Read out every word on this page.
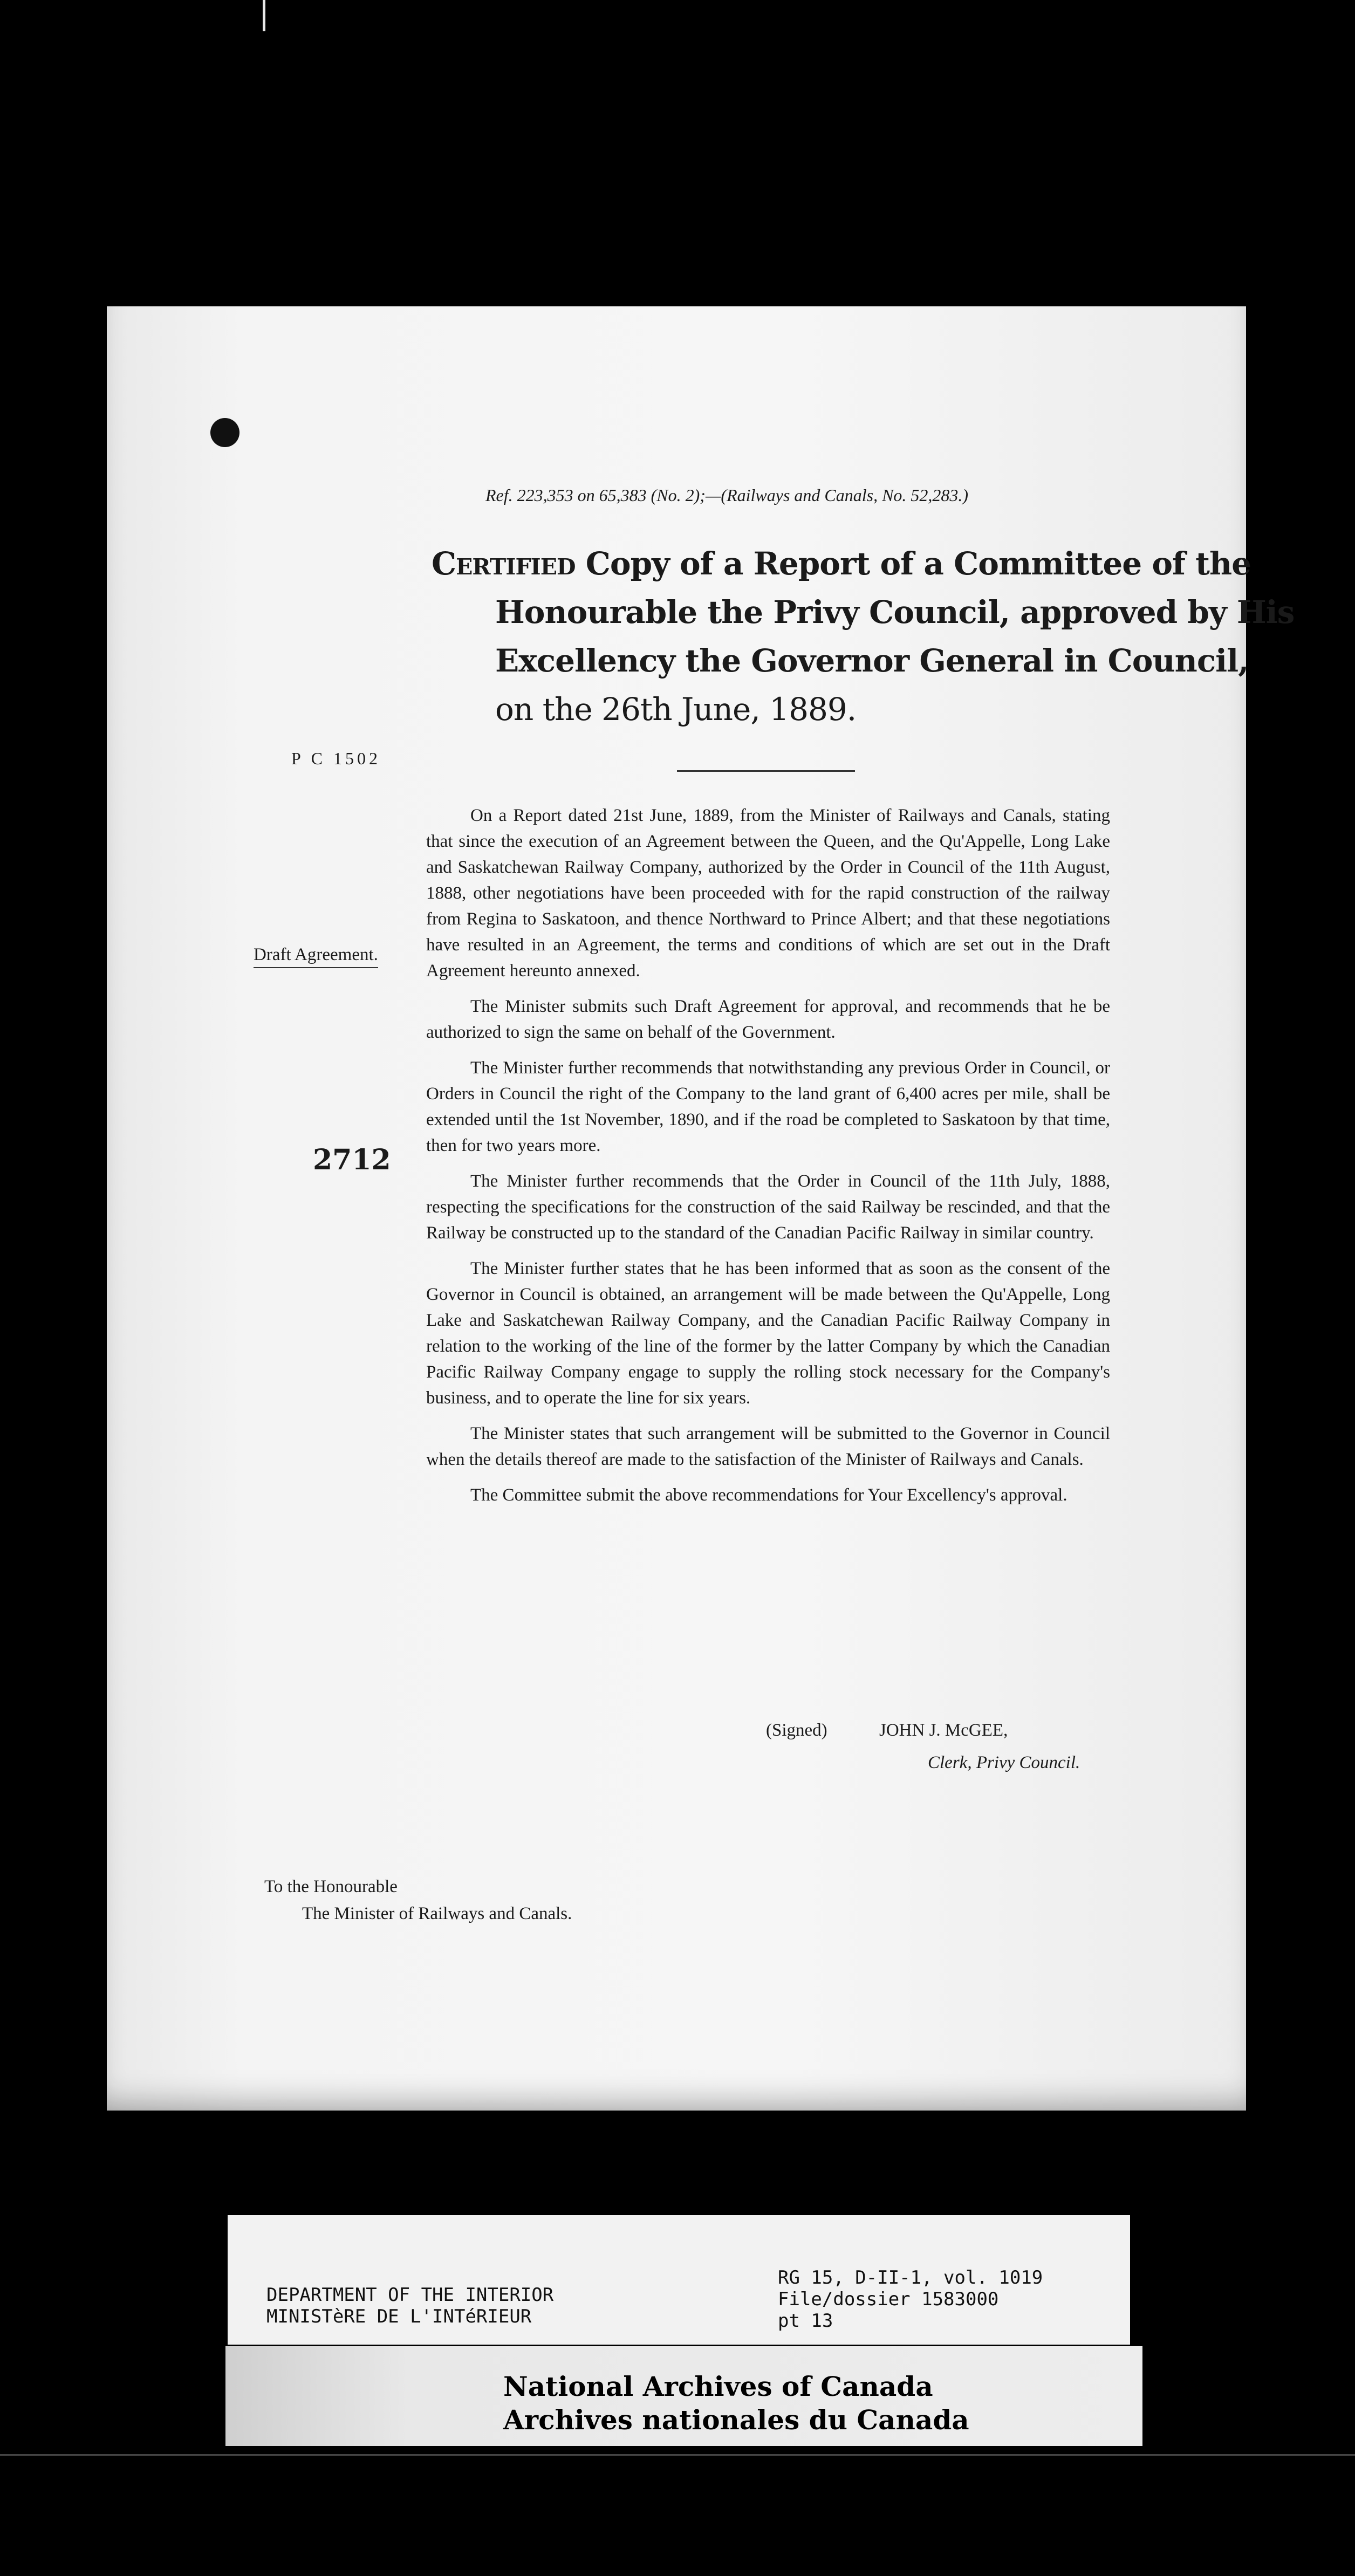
Ref. 223,353 on 65,383 (No. 2);—(Railways and Canals, No. 52,283.)
Certified Copy of a Report of a Committee of the
Honourable the Privy Council, approved by His
Excellency the Governor General in Council,
on the 26th June, 1889.
P C 1502
Draft Agreement.
2712

On a Report dated 21st June, 1889, from the Minister of Railways and Canals, stating that since the execution of an Agreement between the Queen, and the Qu'Appelle, Long Lake and Saskatchewan Railway Company, authorized by the Order in Council of the 11th August, 1888, other negotiations have been proceeded with for the rapid construction of the railway from Regina to Saskatoon, and thence Northward to Prince Albert; and that these negotiations have resulted in an Agreement, the terms and conditions of which are set out in the Draft Agreement hereunto annexed.

The Minister submits such Draft Agreement for approval, and recommends that he be authorized to sign the same on behalf of the Government.

The Minister further recommends that notwithstanding any previous Order in Council, or Orders in Council the right of the Company to the land grant of 6,400 acres per mile, shall be extended until the 1st November, 1890, and if the road be completed to Saskatoon by that time, then for two years more.

The Minister further recommends that the Order in Council of the 11th July, 1888, respecting the specifications for the construction of the said Railway be rescinded, and that the Railway be constructed up to the standard of the Canadian Pacific Railway in similar country.

The Minister further states that he has been informed that as soon as the consent of the Governor in Council is obtained, an arrangement will be made between the Qu'Appelle, Long Lake and Saskatchewan Railway Company, and the Canadian Pacific Railway Company in relation to the working of the line of the former by the latter Company by which the Canadian Pacific Railway Company engage to supply the rolling stock necessary for the Company's business, and to operate the line for six years.

The Minister states that such arrangement will be submitted to the Governor in Council when the details thereof are made to the satisfaction of the Minister of Railways and Canals.

The Committee submit the above recommendations for Your Excellency's approval.

(Signed)	JOHN J. McGEE,
Clerk, Privy Council.
To the Honourable
The Minister of Railways and Canals.
DEPARTMENT OF THE INTERIOR
MINISTèRE DE L'INTéRIEUR
RG 15, D-II-1, vol. 1019
File/dossier 1583000
pt 13
National Archives of Canada
Archives nationales du Canada
